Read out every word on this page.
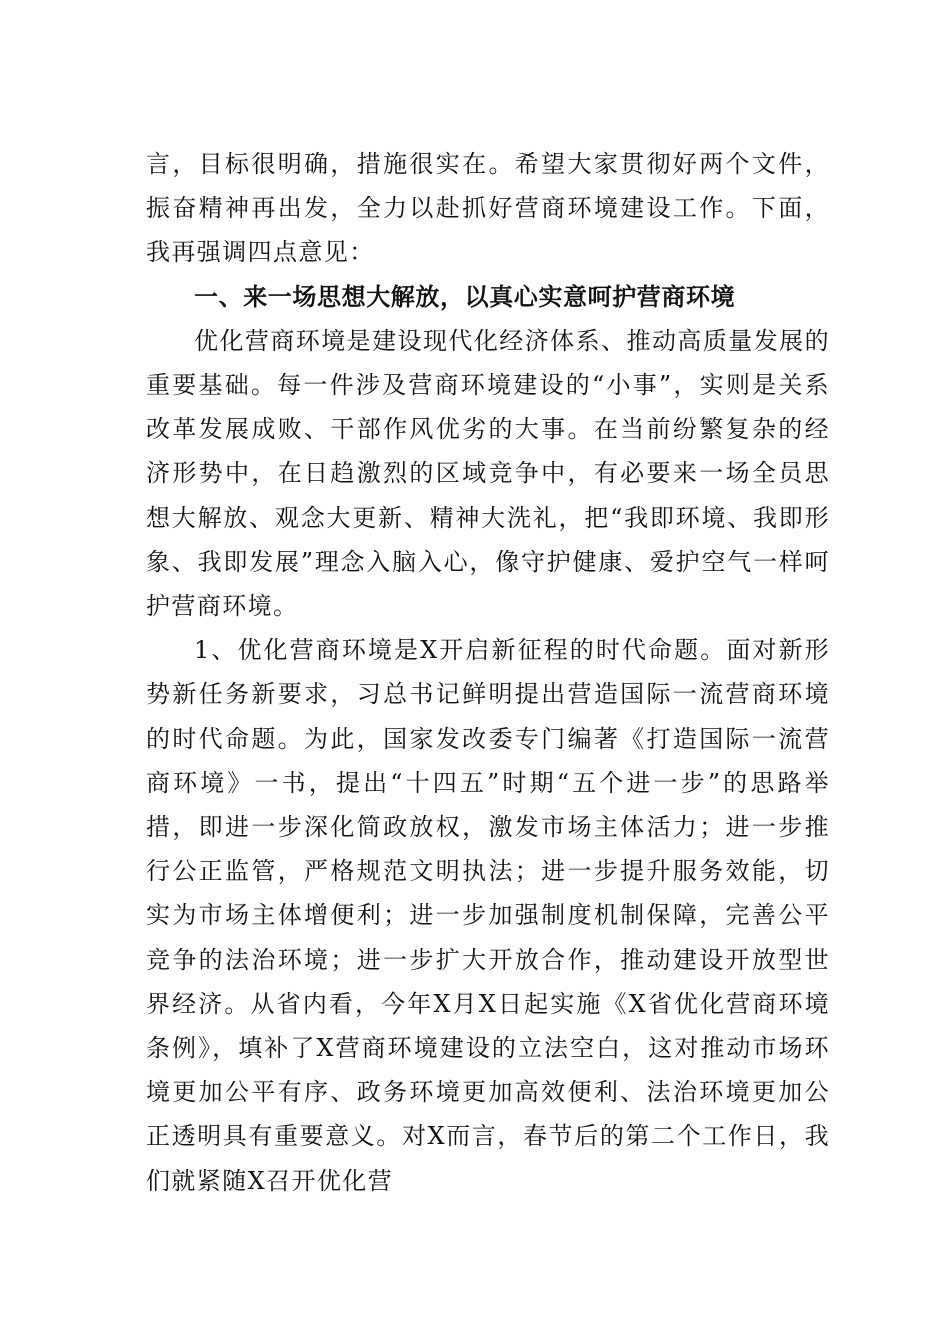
言，目标很明确，措施很实在。希望大家贯彻好两个文件，振奋精神再出发，全力以赴抓好营商环境建设工作。下面，我再强调四点意见：

一、来一场思想大解放，以真心实意呵护营商环境

优化营商环境是建设现代化经济体系、推动高质量发展的重要基础。每一件涉及营商环境建设的“小事”，实则是关系改革发展成败、干部作风优劣的大事。在当前纷繁复杂的经济形势中，在日趋激烈的区域竞争中，有必要来一场全员思想大解放、观念大更新、精神大洗礼，把“我即环境、我即形象、我即发展”理念入脑入心，像守护健康、爱护空气一样呵护营商环境。

1、优化营商环境是X开启新征程的时代命题。面对新形势新任务新要求，习总书记鲜明提出营造国际一流营商环境的时代命题。为此，国家发改委专门编著《打造国际一流营商环境》一书，提出“十四五”时期“五个进一步”的思路举措，即进一步深化简政放权，激发市场主体活力；进一步推行公正监管，严格规范文明执法；进一步提升服务效能，切实为市场主体增便利；进一步加强制度机制保障，完善公平竞争的法治环境；进一步扩大开放合作，推动建设开放型世界经济。从省内看，今年X月X日起实施《X省优化营商环境条例》，填补了X营商环境建设的立法空白，这对推动市场环境更加公平有序、政务环境更加高效便利、法治环境更加公正透明具有重要意义。对X而言，春节后的第二个工作日，我们就紧随X召开优化营
